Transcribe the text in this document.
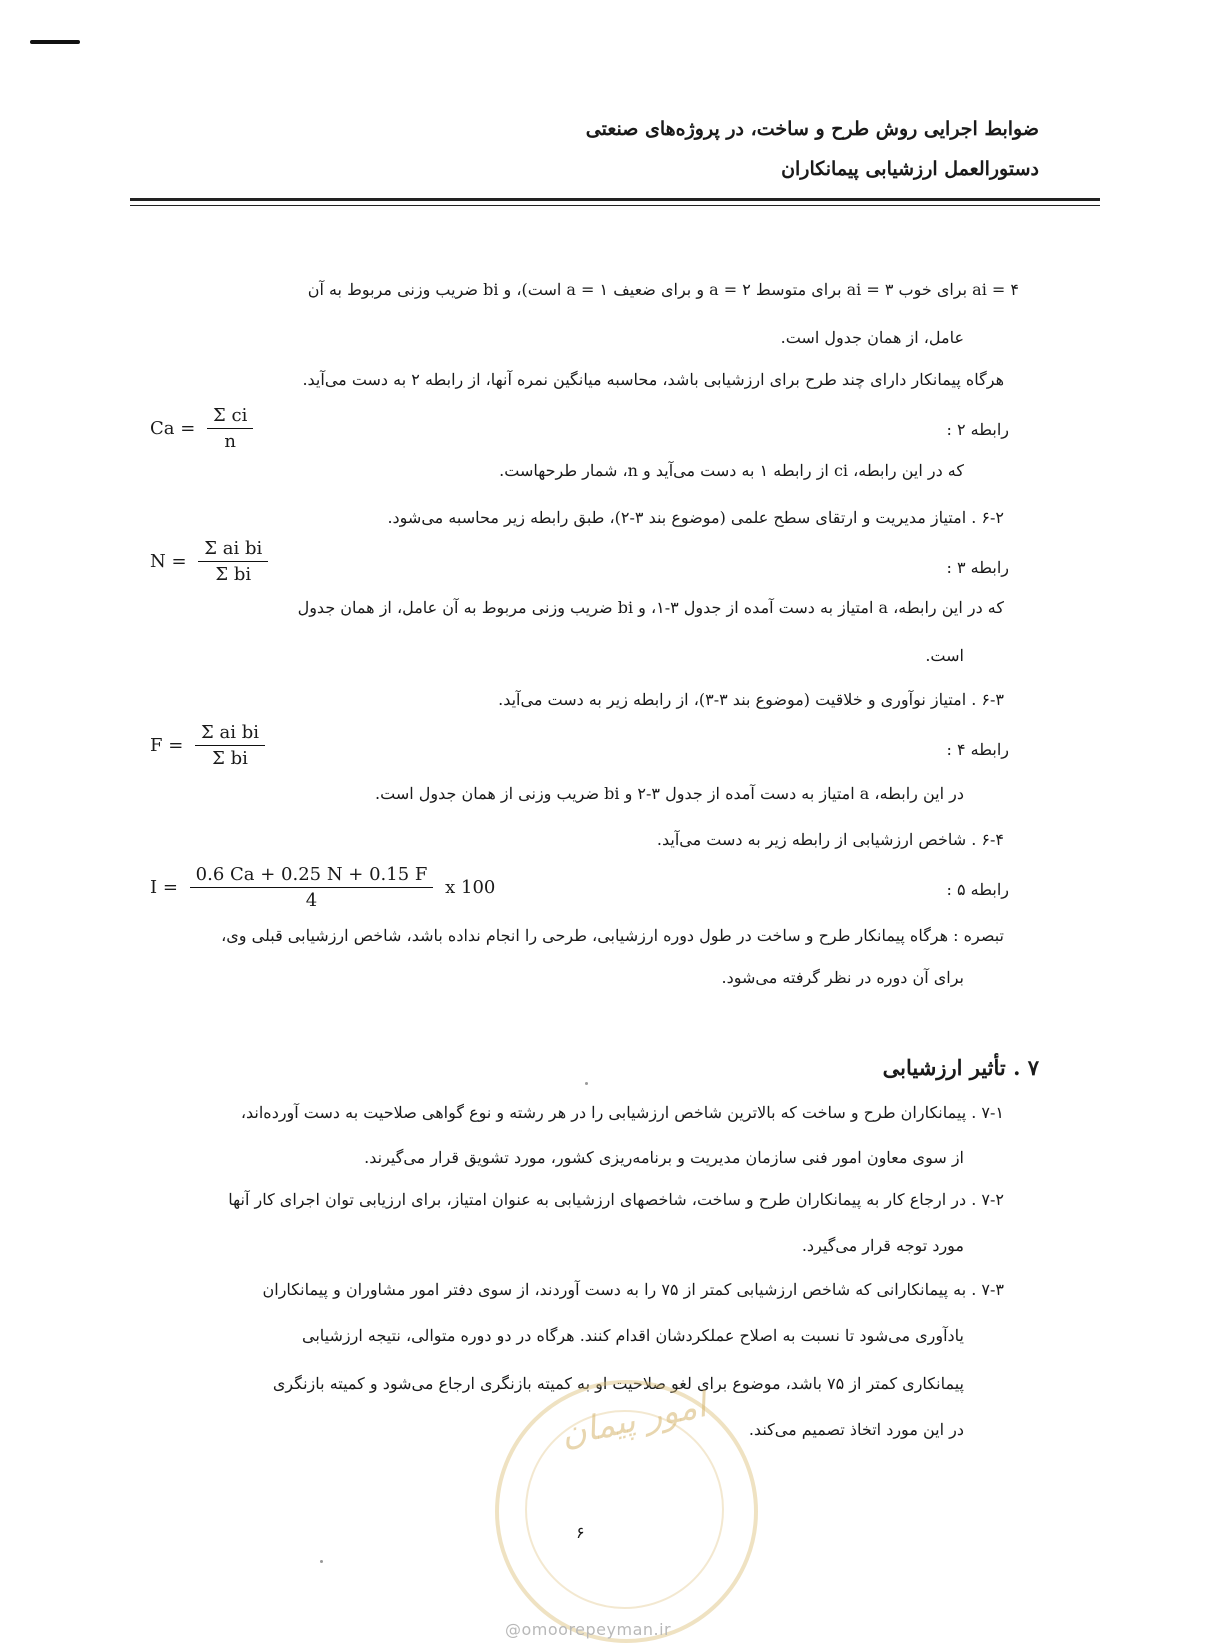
ضوابط اجرایی روش طرح و ساخت، در پروژه‌های صنعتی
دستورالعمل ارزشیابی پیمانکاران
۴ = ai برای خوب ۳ = ai برای متوسط ۲ = a و برای ضعیف ۱ = a است)، و bi ضریب وزنی مربوط به آن
عامل، از همان جدول است.
هرگاه پیمانکار دارای چند طرح برای ارزشیابی باشد، محاسبه میانگین نمره آنها، از رابطه ۲ به دست می‌آید.
رابطه ۲ :
$Ca = \frac{\text{Σ ci}}{n}$
که در این رابطه، ci از رابطه ۱ به دست می‌آید و n، شمار طرحهاست.
۶-۲ . امتیاز مدیریت و ارتقای سطح علمی (موضوع بند ۳-۲)، طبق رابطه زیر محاسبه می‌شود.
رابطه ۳ :
$N = \frac{\text{Σ ai bi}}{\text{Σ bi}}$
که در این رابطه، a امتیاز به دست آمده از جدول ۳-۱، و bi ضریب وزنی مربوط به آن عامل، از همان جدول
است.
۶-۳ . امتیاز نوآوری و خلاقیت (موضوع بند ۳-۳)، از رابطه زیر به دست می‌آید.
رابطه ۴ :
$F = \frac{\text{Σ ai bi}}{\text{Σ bi}}$
در این رابطه، a امتیاز به دست آمده از جدول ۳-۲ و bi ضریب وزنی از همان جدول است.
۶-۴ . شاخص ارزشیابی از رابطه زیر به دست می‌آید.
رابطه ۵ :
$I = \frac{0.6 Ca + 0.25 N + 0.15 F}{4}$ x 100
تبصره : هرگاه پیمانکار طرح و ساخت در طول دوره ارزشیابی، طرحی را انجام نداده باشد، شاخص ارزشیابی قبلی وی،
برای آن دوره در نظر گرفته می‌شود.
۷ . تأثیر ارزشیابی
۷-۱ . پیمانکاران طرح و ساخت که بالاترین شاخص ارزشیابی را در هر رشته و نوع گواهی صلاحیت به دست آورده‌اند،
از سوی معاون امور فنی سازمان مدیریت و برنامه‌ریزی کشور، مورد تشویق قرار می‌گیرند.
۷-۲ . در ارجاع کار به پیمانکاران طرح و ساخت، شاخصهای ارزشیابی به عنوان امتیاز، برای ارزیابی توان اجرای کار آنها
مورد توجه قرار می‌گیرد.
۷-۳ . به پیمانکارانی که شاخص ارزشیابی کمتر از ۷۵ را به دست آوردند، از سوی دفتر امور مشاوران و پیمانکاران
یادآوری می‌شود تا نسبت به اصلاح عملکردشان اقدام کنند. هرگاه در دو دوره متوالی، نتیجه ارزشیابی
پیمانکاری کمتر از ۷۵ باشد، موضوع برای لغو صلاحیت او به کمیته بازنگری ارجاع می‌شود و کمیته بازنگری
در این مورد اتخاذ تصمیم می‌کند.
امور پیمان
۶
@omoorepeyman.ir
